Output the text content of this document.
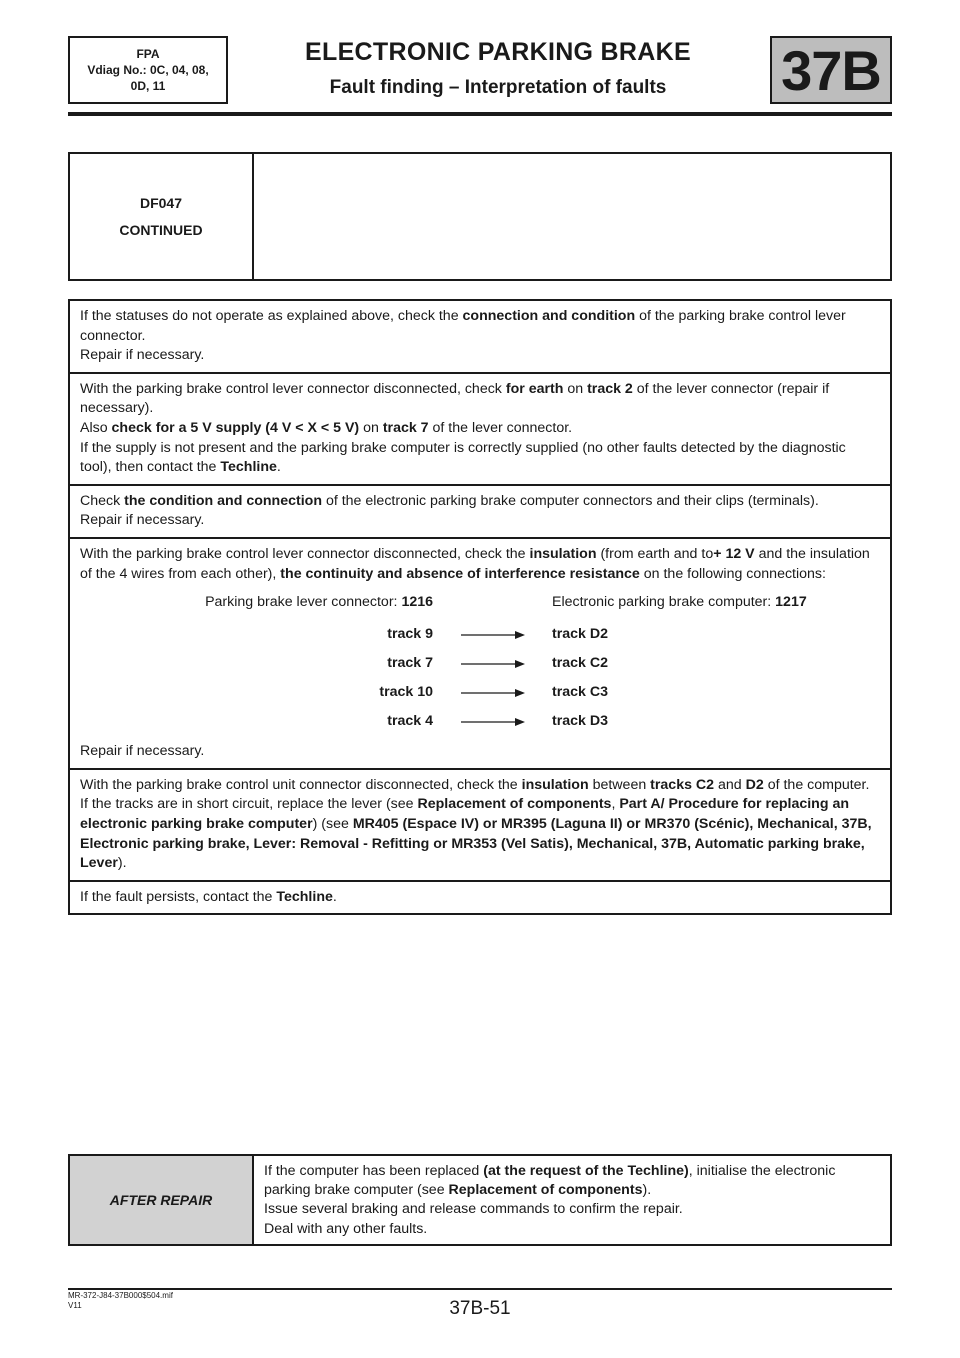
FPA
Vdiag No.: 0C, 04, 08,
0D, 11
ELECTRONIC PARKING BRAKE
Fault finding – Interpretation of faults	37B
DF047
CONTINUED

If the statuses do not operate as explained above, check the connection and condition of the parking brake control lever connector.

Repair if necessary.

With the parking brake control lever connector disconnected, check for earth on track 2 of the lever connector (repair if necessary).

Also check for a 5 V supply (4 V < X < 5 V) on track 7 of the lever connector.

If the supply is not present and the parking brake computer is correctly supplied (no other faults detected by the diagnostic tool), then contact the Techline.

Check the condition and connection of the electronic parking brake computer connectors and their clips (terminals).

Repair if necessary.

With the parking brake control lever connector disconnected, check the insulation (from earth and to+ 12 V and the insulation of the 4 wires from each other), the continuity and absence of interference resistance on the following connections:

Parking brake lever connector: 1216	Electronic parking brake computer: 1217
track 9	track D2
track 7	track C2
track 10	track C3
track 4	track D3

Repair if necessary.

With the parking brake control unit connector disconnected, check the insulation between tracks C2 and D2 of the computer. If the tracks are in short circuit, replace the lever (see Replacement of components, Part A/ Procedure for replacing an electronic parking brake computer) (see MR405 (Espace IV) or MR395 (Laguna II) or MR370 (Scénic), Mechanical, 37B, Electronic parking brake, Lever: Removal - Refitting or MR353 (Vel Satis), Mechanical, 37B, Automatic parking brake, Lever).

If the fault persists, contact the Techline.

AFTER REPAIR

If the computer has been replaced (at the request of the Techline), initialise the electronic parking brake computer (see Replacement of components).

Issue several braking and release commands to confirm the repair.

Deal with any other faults.

MR-372-J84-37B000$504.mif
V11	37B-51
